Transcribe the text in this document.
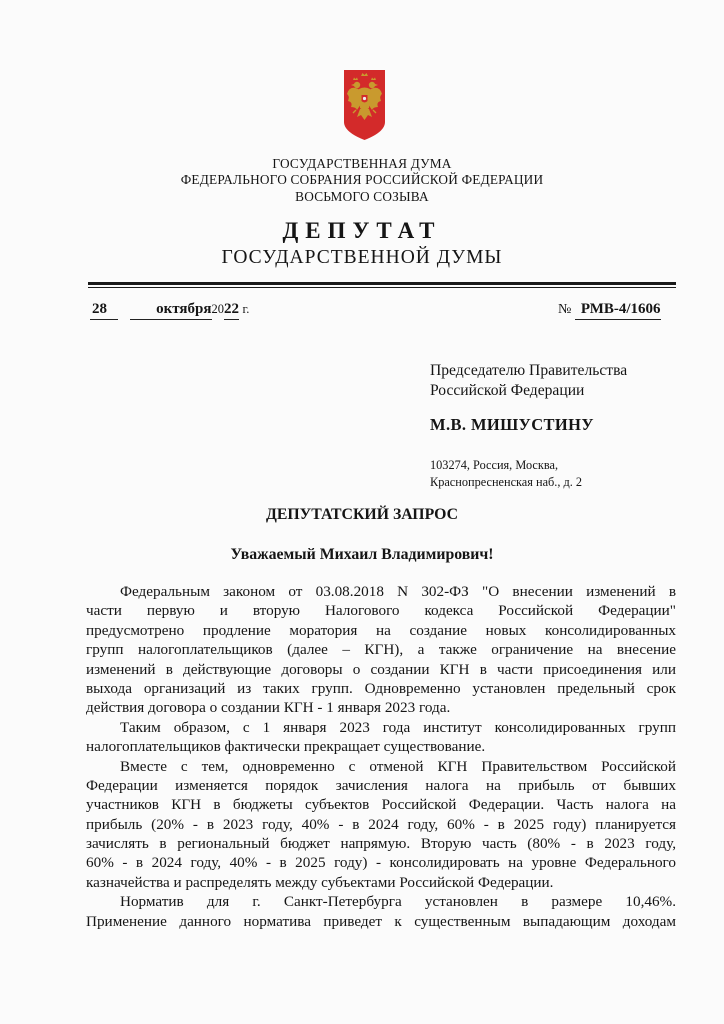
ГОСУДАРСТВЕННАЯ ДУМА
ФЕДЕРАЛЬНОГО СОБРАНИЯ РОССИЙСКОЙ ФЕДЕРАЦИИ
ВОСЬМОГО СОЗЫВА
ДЕПУТАТ
ГОСУДАРСТВЕННОЙ ДУМЫ
28	октября2022 г.	№ РМВ-4/1606
Председателю Правительства
Российской Федерации
М.В. МИШУСТИНУ
103274, Россия, Москва,
Краснопресненская наб., д. 2
ДЕПУТАТСКИЙ ЗАПРОС
Уважаемый Михаил Владимирович!
Федеральным законом от 03.08.2018 N 302-ФЗ "О внесении изменений в
части первую и вторую Налогового кодекса Российской Федерации"
предусмотрено продление моратория на создание новых консолидированных
групп налогоплательщиков (далее – КГН), а также ограничение на внесение
изменений в действующие договоры о создании КГН в части присоединения или
выхода организаций из таких групп. Одновременно установлен предельный срок
действия договора о создании КГН - 1 января 2023 года.
Таким образом, с 1 января 2023 года институт консолидированных групп
налогоплательщиков фактически прекращает существование.
Вместе с тем, одновременно с отменой КГН Правительством Российской
Федерации изменяется порядок зачисления налога на прибыль от бывших
участников КГН в бюджеты субъектов Российской Федерации. Часть налога на
прибыль (20% - в 2023 году, 40% - в 2024 году, 60% - в 2025 году) планируется
зачислять в региональный бюджет напрямую. Вторую часть (80% - в 2023 году,
60% - в 2024 году, 40% - в 2025 году) - консолидировать на уровне Федерального
казначейства и распределять между субъектами Российской Федерации.
Норматив для г. Санкт-Петербурга установлен в размере 10,46%.
Применение данного норматива приведет к существенным выпадающим доходам
